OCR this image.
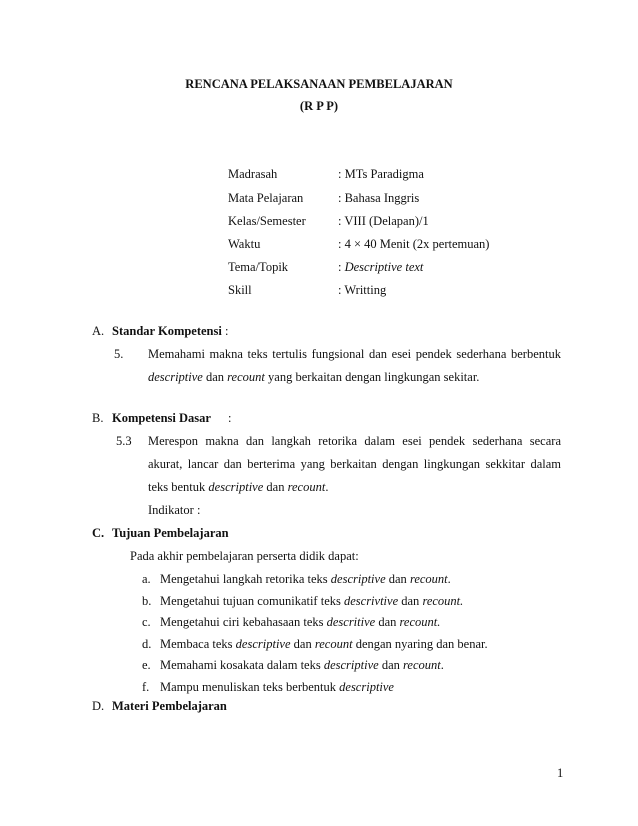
RENCANA PELAKSANAAN PEMBELAJARAN
(R P P)
Madrasah	: MTs Paradigma
Mata Pelajaran	: Bahasa Inggris
Kelas/Semester	: VIII (Delapan)/1
Waktu	: 4 × 40 Menit (2x pertemuan)
Tema/Topik	: Descriptive text
Skill	: Writting
A. Standar Kompetensi :
5. Memahami makna teks tertulis fungsional dan esei pendek sederhana berbentuk
descriptive dan recount yang berkaitan dengan lingkungan sekitar.
B. Kompetensi Dasar :
5.3 Merespon makna dan langkah retorika dalam esei pendek sederhana secara
akurat, lancar dan berterima yang berkaitan dengan lingkungan sekkitar dalam
teks bentuk descriptive dan recount.
Indikator :
C. Tujuan Pembelajaran
Pada akhir pembelajaran perserta didik dapat:
a. Mengetahui langkah retorika teks descriptive dan recount.
b. Mengetahui tujuan comunikatif teks descrivtive dan recount.
c. Mengetahui ciri kebahasaan teks descritive dan recount.
d. Membaca teks descriptive dan recount dengan nyaring dan benar.
e. Memahami kosakata dalam teks descriptive dan recount.
f. Mampu menuliskan teks berbentuk descriptive
D. Materi Pembelajaran
1
